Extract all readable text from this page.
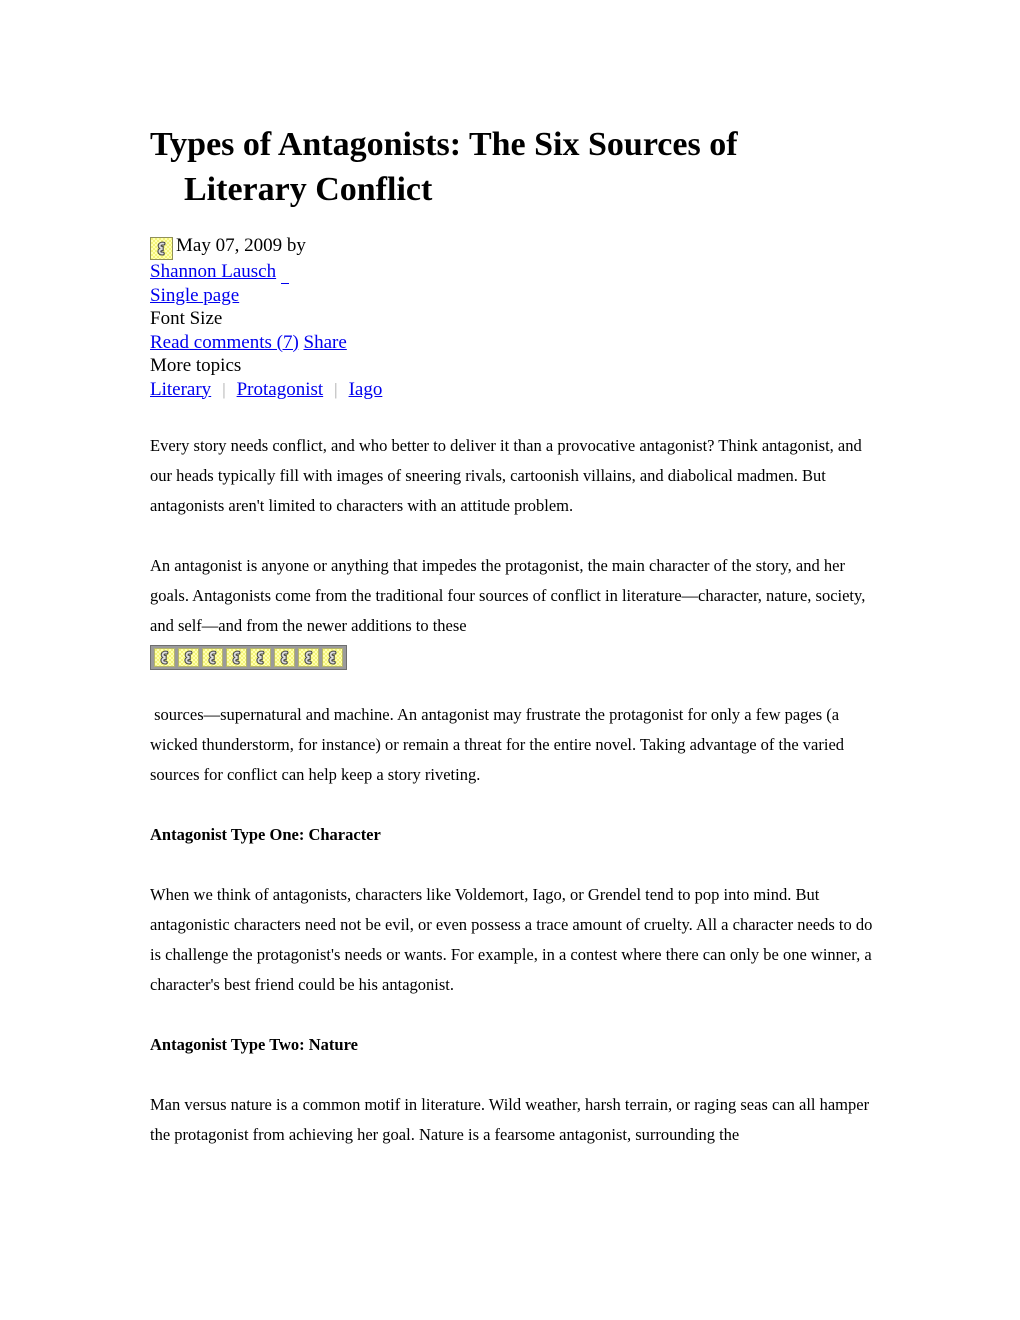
Types of Antagonists: The Six Sources of
Literary Conflict
May 07, 2009 by
Shannon Lausch
Single page
Font Size
Read comments (7) Share
More topics
Literary | Protagonist | Iago

Every story needs conflict, and who better to deliver it than a provocative antagonist? Think antagonist, and our heads typically fill with images of sneering rivals, cartoonish villains, and diabolical madmen. But antagonists aren't limited to characters with an attitude problem.

An antagonist is anyone or anything that impedes the protagonist, the main character of the story, and her goals. Antagonists come from the traditional four sources of conflict in literature—character, nature, society, and self—and from the newer additions to these

sources—supernatural and machine. An antagonist may frustrate the protagonist for only a few pages (a wicked thunderstorm, for instance) or remain a threat for the entire novel. Taking advantage of the varied sources for conflict can help keep a story riveting.

Antagonist Type One: Character

When we think of antagonists, characters like Voldemort, Iago, or Grendel tend to pop into mind. But antagonistic characters need not be evil, or even possess a trace amount of cruelty. All a character needs to do is challenge the protagonist's needs or wants. For example, in a contest where there can only be one winner, a character's best friend could be his antagonist.

Antagonist Type Two: Nature

Man versus nature is a common motif in literature. Wild weather, harsh terrain, or raging seas can all hamper the protagonist from achieving her goal. Nature is a fearsome antagonist, surrounding the
